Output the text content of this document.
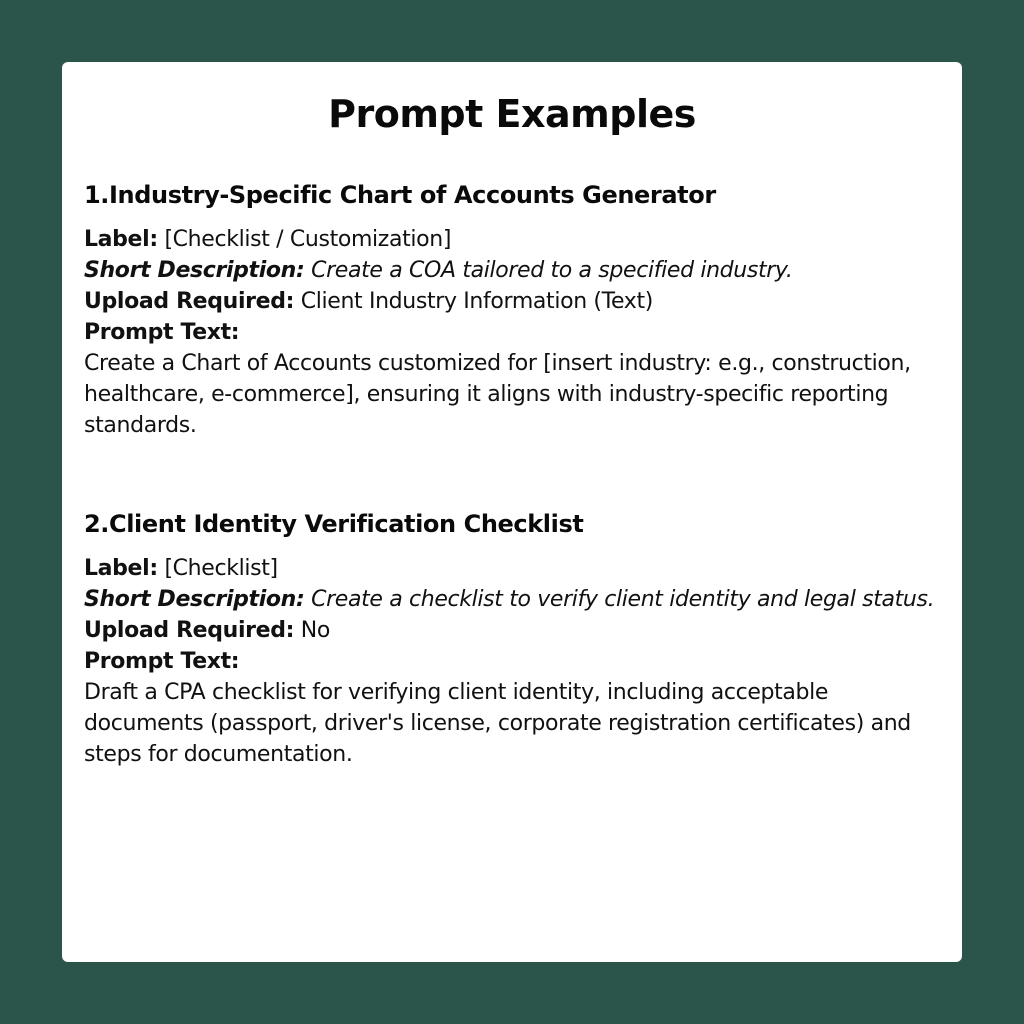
Prompt Examples
1.Industry-Specific Chart of Accounts Generator

Label: [Checklist / Customization]

Short Description: Create a COA tailored to a specified industry.

Upload Required: Client Industry Information (Text)

Prompt Text:

Create a Chart of Accounts customized for [insert industry: e.g., construction, healthcare, e-commerce], ensuring it aligns with industry-specific reporting standards.

2.Client Identity Verification Checklist

Label: [Checklist]

Short Description: Create a checklist to verify client identity and legal status.

Upload Required: No

Prompt Text:

Draft a CPA checklist for verifying client identity, including acceptable documents (passport, driver's license, corporate registration certificates) and steps for documentation.
